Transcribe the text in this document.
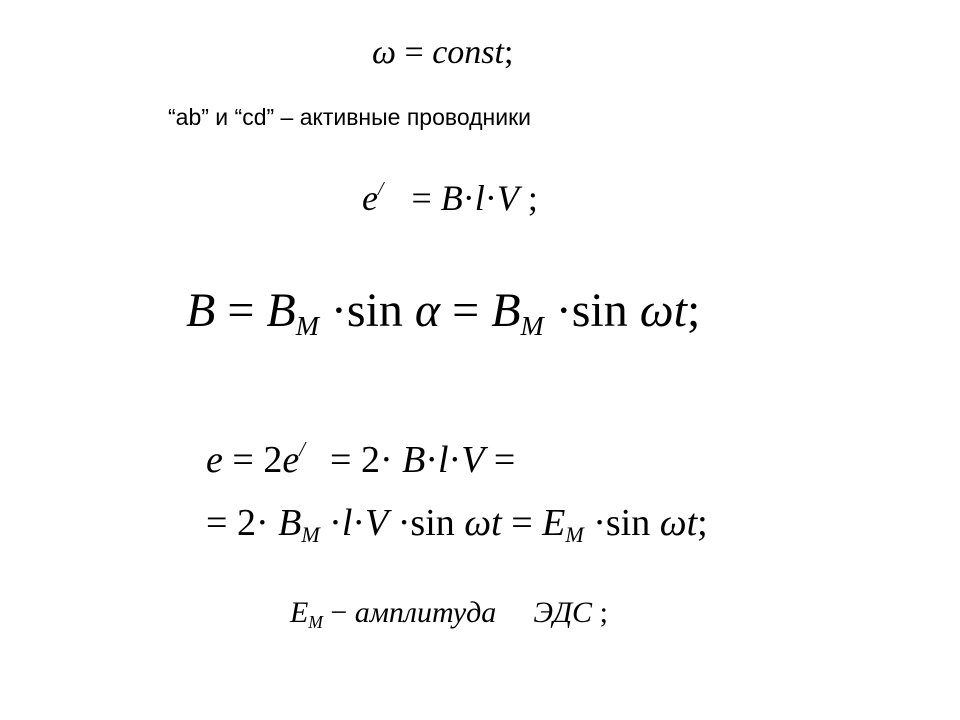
ω = const;
“ab” и “cd” – активные проводники
e/ = B·l·V ;
B = BM ·sin α = BM ·sin ωt;
e = 2e/ = 2· B·l·V =
= 2· BM ·l·V ·sin ωt = EM ·sin ωt;
EM − амплитуда ЭДС ;
